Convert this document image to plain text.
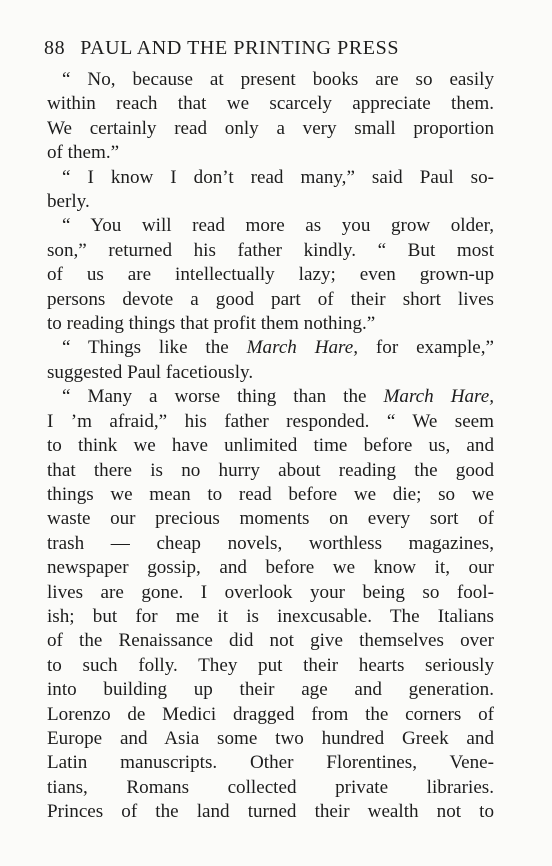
88 PAUL AND THE PRINTING PRESS
“ No, because at present books are so easily
within reach that we scarcely appreciate them.
We certainly read only a very small proportion
of them.”
“ I know I don’t read many,” said Paul so-
berly.
“ You will read more as you grow older,
son,” returned his father kindly. “ But most
of us are intellectually lazy; even grown-up
persons devote a good part of their short lives
to reading things that profit them nothing.”
“ Things like the March Hare, for example,”
suggested Paul facetiously.
“ Many a worse thing than the March Hare,
I ’m afraid,” his father responded. “ We seem
to think we have unlimited time before us, and
that there is no hurry about reading the good
things we mean to read before we die; so we
waste our precious moments on every sort of
trash — cheap novels, worthless magazines,
newspaper gossip, and before we know it, our
lives are gone. I overlook your being so fool-
ish; but for me it is inexcusable. The Italians
of the Renaissance did not give themselves over
to such folly. They put their hearts seriously
into building up their age and generation.
Lorenzo de Medici dragged from the corners of
Europe and Asia some two hundred Greek and
Latin manuscripts. Other Florentines, Vene-
tians, Romans collected private libraries.
Princes of the land turned their wealth not to
